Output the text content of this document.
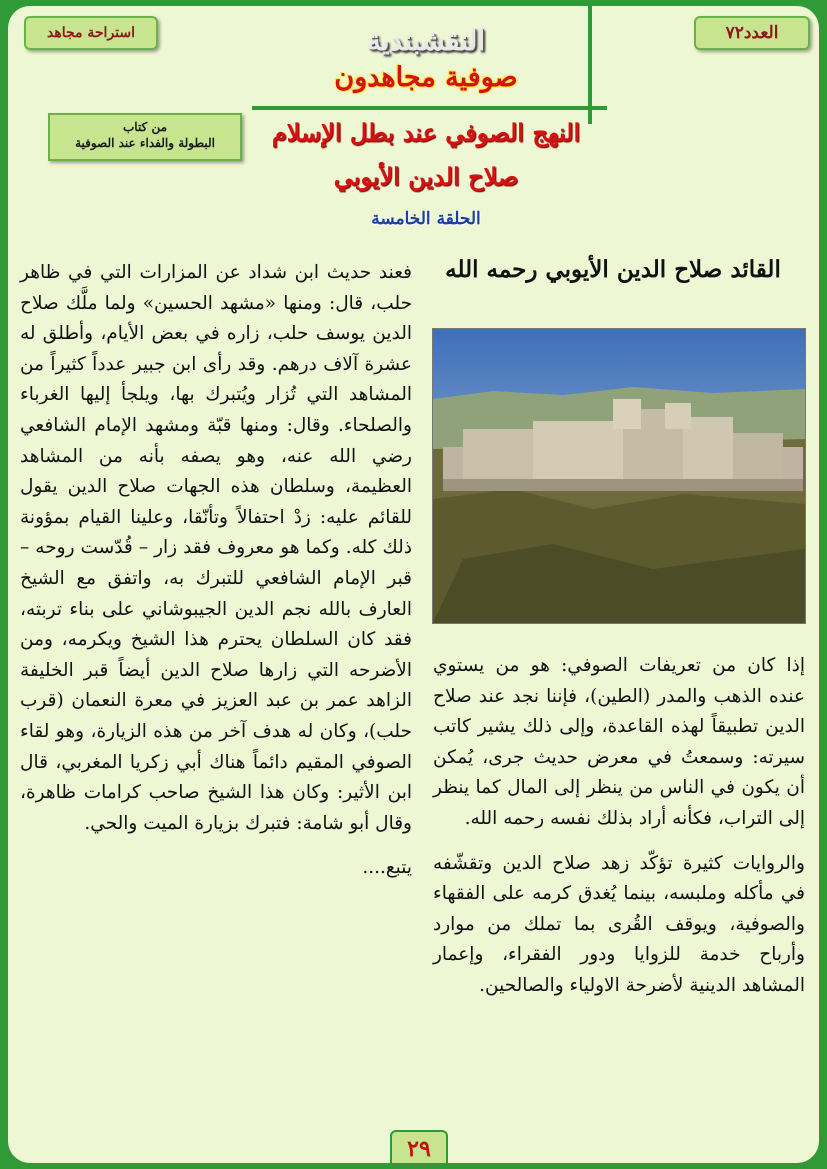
العدد٧٢
استراحة مجاهد	النقشبندية
صوفية مجاهدون
من كتاب
البطولة والفداء عند الصوفية	النهج الصوفي عند بطل الإسلام
صلاح الدين الأيوبي
الحلقة الخامسة
القائد صلاح الدين الأيوبي رحمه الله

فعند حديث ابن شداد عن المزارات التي في ظاهر حلب، قال: ومنها «مشهد الحسين» ولما ملَّك صلاح الدين يوسف حلب، زاره في بعض الأيام، وأطلق له عشرة آلاف درهم. وقد رأى ابن جبير عدداً كثيراً من المشاهد التي تُزار ويُتبرك بها، ويلجأ إليها الغرباء والصلحاء. وقال: ومنها قبّة ومشهد الإمام الشافعي رضي الله عنه، وهو يصفه بأنه من المشاهد العظيمة، وسلطان هذه الجهات صلاح الدين يقول للقائم عليه: زدْ احتفالاً وتأنّقا، وعلينا القيام بمؤونة ذلك كله. وكما هو معروف فقد زار – قُدّست روحه – قبر الإمام الشافعي للتبرك به، واتفق مع الشيخ العارف بالله نجم الدين الجيبوشاني على بناء تربته، فقد كان السلطان يحترم هذا الشيخ ويكرمه، ومن الأضرحه التي زارها صلاح الدين أيضاً قبر الخليفة الزاهد عمر بن عبد العزيز في معرة النعمان (قرب حلب)، وكان له هدف آخر من هذه الزيارة، وهو لقاء الصوفي المقيم دائماً هناك أبي زكريا المغربي، قال ابن الأثير: وكان هذا الشيخ صاحب كرامات ظاهرة، وقال أبو شامة: فتبرك بزيارة الميت والحي.

يتبع....

إذا كان من تعريفات الصوفي: هو من يستوي عنده الذهب والمدر (الطين)، فإننا نجد عند صلاح الدين تطبيقاً لهذه القاعدة، وإلى ذلك يشير كاتب سيرته: وسمعتُ في معرض حديث جرى، يُمكن أن يكون في الناس من ينظر إلى المال كما ينظر إلى التراب، فكأنه أراد بذلك نفسه رحمه الله.

والروايات كثيرة تؤكّد زهد صلاح الدين وتقشّفه في مأكله وملبسه، بينما يُغدق كرمه على الفقهاء والصوفية، ويوقف القُرى بما تملك من موارد وأرباح خدمة للزوايا ودور الفقراء، وإعمار المشاهد الدينية لأضرحة الاولياء والصالحين.

٢٩
